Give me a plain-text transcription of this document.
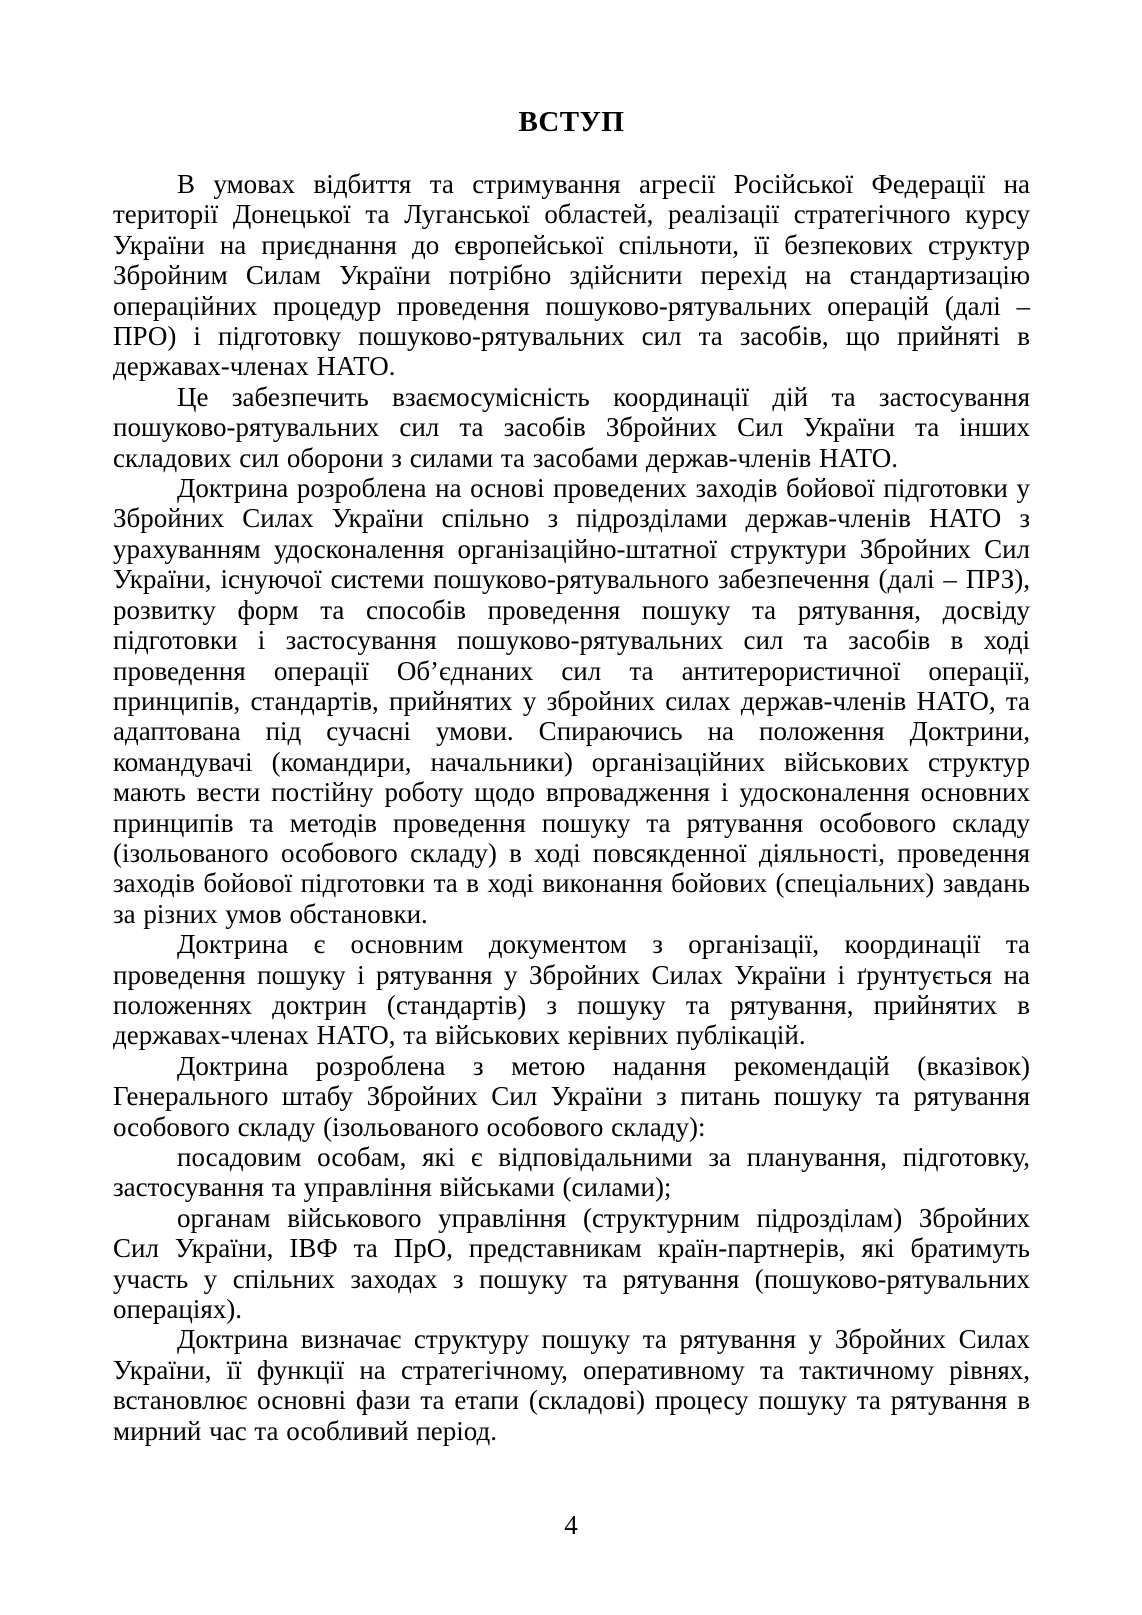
ВСТУП

В умовах відбиття та стримування агресії Російської Федерації на території Донецької та Луганської областей, реалізації стратегічного курсу України на приєднання до європейської спільноти, її безпекових структур Збройним Силам України потрібно здійснити перехід на стандартизацію операційних процедур проведення пошуково-рятувальних операцій (далі – ПРО) і підготовку пошуково-рятувальних сил та засобів, що прийняті в державах-членах НАТО.

Це забезпечить взаємосумісність координації дій та застосування пошуково-рятувальних сил та засобів Збройних Сил України та інших складових сил оборони з силами та засобами держав-членів НАТО.

Доктрина розроблена на основі проведених заходів бойової підготовки у Збройних Силах України спільно з підрозділами держав-членів НАТО з урахуванням удосконалення організаційно-штатної структури Збройних Сил України, існуючої системи пошуково-рятувального забезпечення (далі – ПРЗ), розвитку форм та способів проведення пошуку та рятування, досвіду підготовки і застосування пошуково-рятувальних сил та засобів в ході проведення операції Об’єднаних сил та антитерористичної операції, принципів, стандартів, прийнятих у збройних силах держав-членів НАТО, та адаптована під сучасні умови. Спираючись на положення Доктрини, командувачі (командири, начальники) організаційних військових структур мають вести постійну роботу щодо впровадження і удосконалення основних принципів та методів проведення пошуку та рятування особового складу (ізольованого особового складу) в ході повсякденної діяльності, проведення заходів бойової підготовки та в ході виконання бойових (спеціальних) завдань за різних умов обстановки.

Доктрина є основним документом з організації, координації та проведення пошуку і рятування у Збройних Силах України і ґрунтується на положеннях доктрин (стандартів) з пошуку та рятування, прийнятих в державах-членах НАТО, та військових керівних публікацій.

Доктрина розроблена з метою надання рекомендацій (вказівок) Генерального штабу Збройних Сил України з питань пошуку та рятування особового складу (ізольованого особового складу):

посадовим особам, які є відповідальними за планування, підготовку, застосування та управління військами (силами);

органам військового управління (структурним підрозділам) Збройних Сил України, ІВФ та ПрО, представникам країн-партнерів, які братимуть участь у спільних заходах з пошуку та рятування (пошуково-рятувальних операціях).

Доктрина визначає структуру пошуку та рятування у Збройних Силах України, її функції на стратегічному, оперативному та тактичному рівнях, встановлює основні фази та етапи (складові) процесу пошуку та рятування в мирний час та особливий період.

4
